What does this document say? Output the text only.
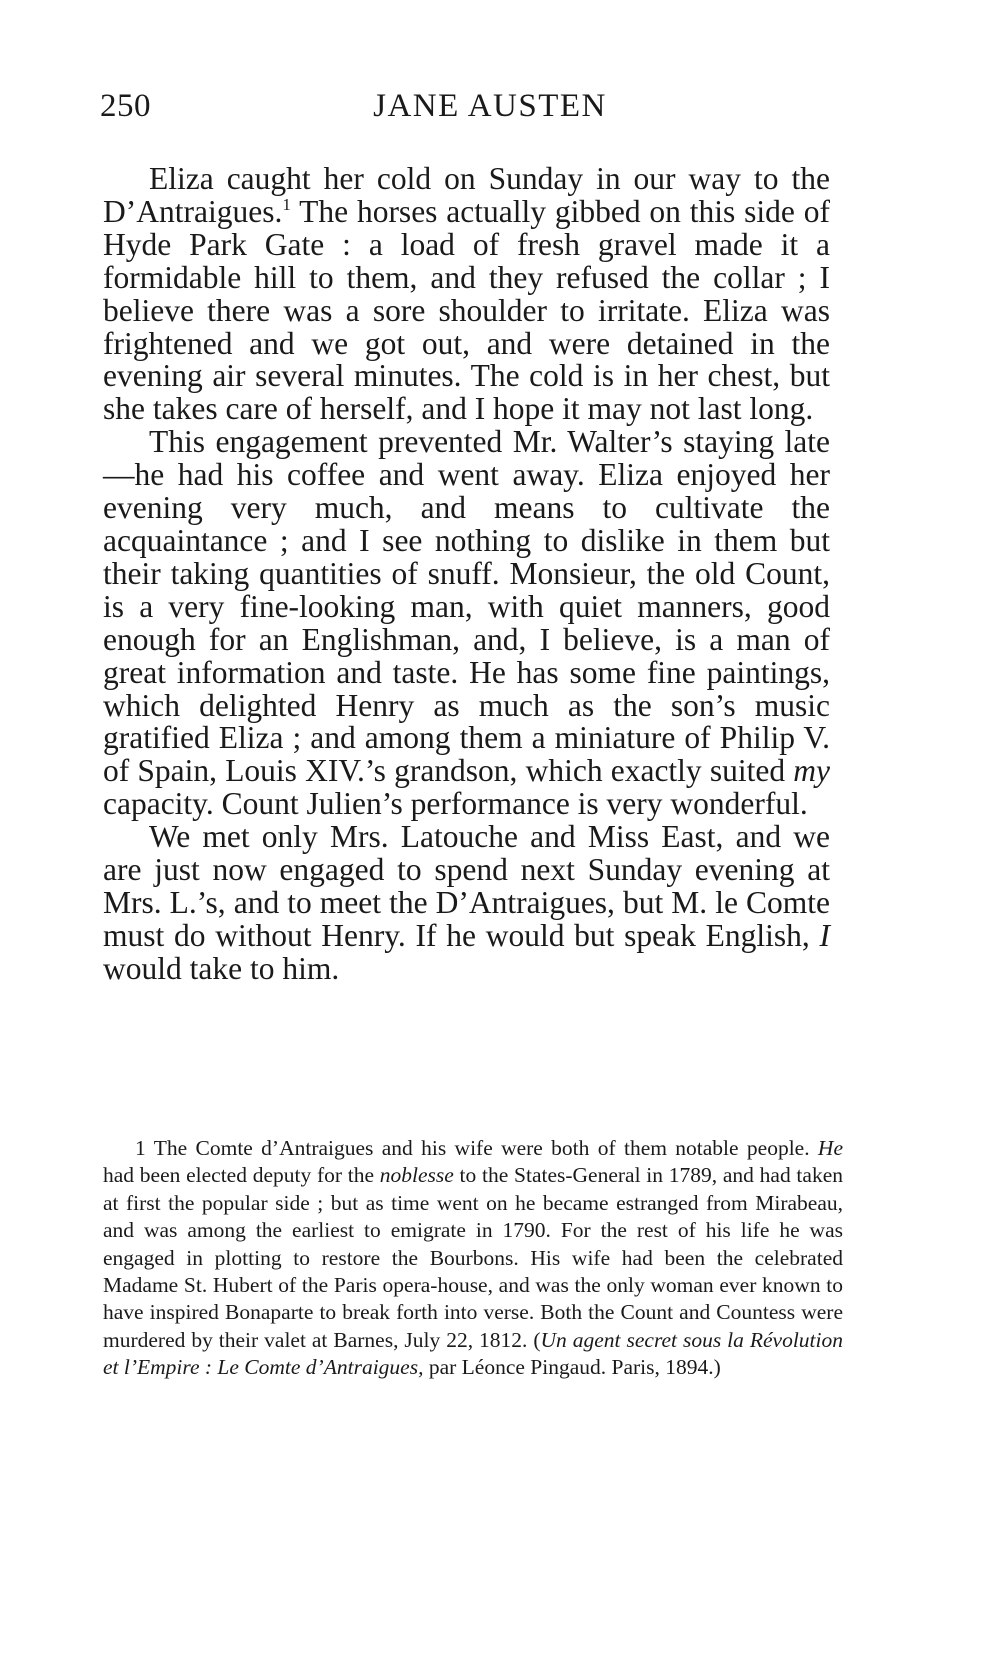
250	JANE AUSTEN

Eliza caught her cold on Sunday in our way to the D’Antraigues.$^1$ The horses actually gibbed on this side of Hyde Park Gate : a load of fresh gravel made it a formidable hill to them, and they refused the collar ; I believe there was a sore shoulder to irritate. Eliza was frightened and we got out, and were detained in the evening air several minutes. The cold is in her chest, but she takes care of herself, and I hope it may not last long.

This engagement prevented Mr. Walter’s staying late—he had his coffee and went away. Eliza enjoyed her evening very much, and means to cultivate the acquaintance ; and I see nothing to dislike in them but their taking quantities of snuff. Monsieur, the old Count, is a very fine-looking man, with quiet manners, good enough for an Englishman, and, I believe, is a man of great information and taste. He has some fine paintings, which delighted Henry as much as the son’s music gratified Eliza ; and among them a miniature of Philip V. of Spain, Louis XIV.’s grandson, which exactly suited my capacity. Count Julien’s performance is very wonderful.

We met only Mrs. Latouche and Miss East, and we are just now engaged to spend next Sunday evening at Mrs. L.’s, and to meet the D’Antraigues, but M. le Comte must do without Henry. If he would but speak English, I would take to him.

1 The Comte d’Antraigues and his wife were both of them notable people. He had been elected deputy for the noblesse to the States-General in 1789, and had taken at first the popular side ; but as time went on he became estranged from Mirabeau, and was among the earliest to emigrate in 1790. For the rest of his life he was engaged in plotting to restore the Bourbons. His wife had been the celebrated Madame St. Hubert of the Paris opera-house, and was the only woman ever known to have inspired Bonaparte to break forth into verse. Both the Count and Countess were murdered by their valet at Barnes, July 22, 1812. (Un agent secret sous la Révolution et l’Empire : Le Comte d’Antraigues, par Léonce Pingaud. Paris, 1894.)
